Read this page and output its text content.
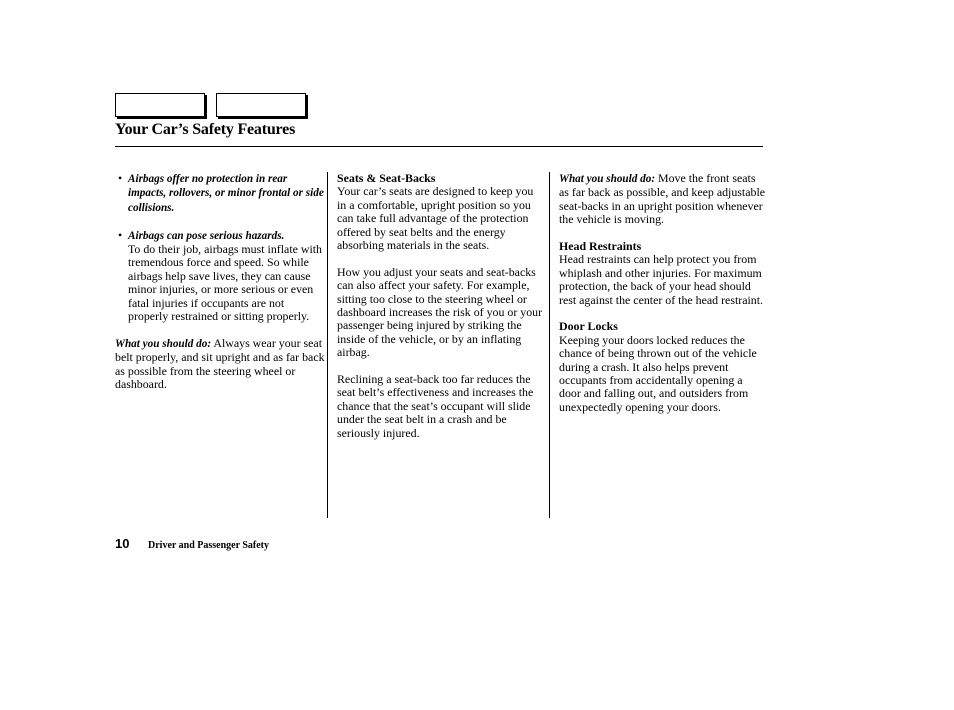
Your Car’s Safety Features
• Airbags offer no protection in rear impacts, rollovers, or minor frontal or side collisions.
• Airbags can pose serious hazards.
To do their job, airbags must inflate with tremendous force and speed. So while airbags help save lives, they can cause minor injuries, or more serious or even fatal injuries if occupants are not properly restrained or sitting properly.

What you should do: Always wear your seat belt properly, and sit upright and as far back as possible from the steering wheel or dashboard.

Seats & Seat-Backs
Your car’s seats are designed to keep you in a comfortable, upright position so you can take full advantage of the protection offered by seat belts and the energy absorbing materials in the seats.

How you adjust your seats and seat-backs can also affect your safety. For example, sitting too close to the steering wheel or dashboard increases the risk of you or your passenger being injured by striking the inside of the vehicle, or by an inflating airbag.

Reclining a seat-back too far reduces the seat belt’s effectiveness and increases the chance that the seat’s occupant will slide under the seat belt in a crash and be seriously injured.

What you should do: Move the front seats as far back as possible, and keep adjustable seat-backs in an upright position whenever the vehicle is moving.

Head Restraints
Head restraints can help protect you from whiplash and other injuries. For maximum protection, the back of your head should rest against the center of the head restraint.

Door Locks
Keeping your doors locked reduces the chance of being thrown out of the vehicle during a crash. It also helps prevent occupants from accidentally opening a door and falling out, and outsiders from unexpectedly opening your doors.

10 Driver and Passenger Safety
